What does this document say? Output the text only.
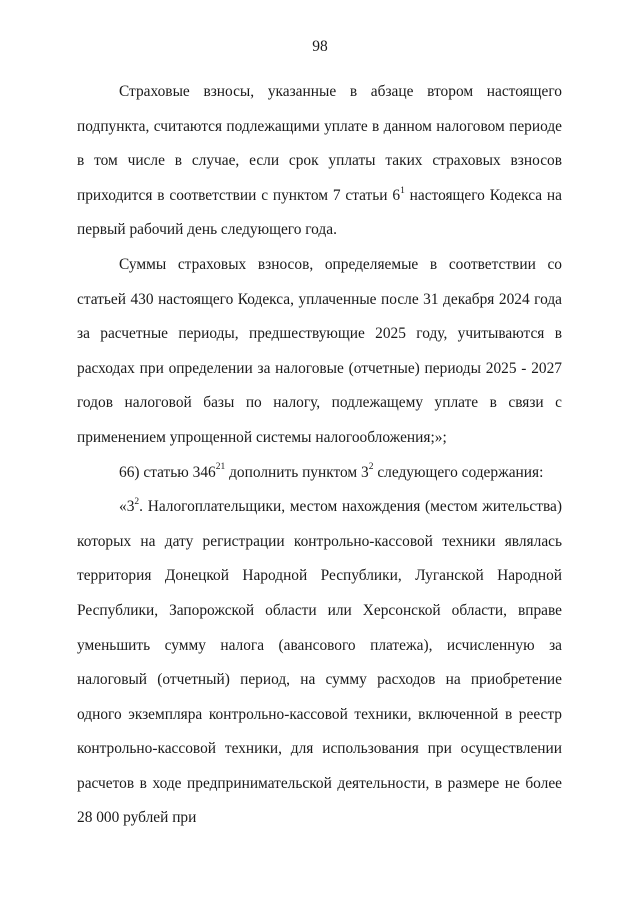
98

Страховые взносы, указанные в абзаце втором настоящего подпункта, считаются подлежащими уплате в данном налоговом периоде в том числе в случае, если срок уплаты таких страховых взносов приходится в соответствии с пунктом 7 статьи $6^1$ настоящего Кодекса на первый рабочий день следующего года.

Суммы страховых взносов, определяемые в соответствии со статьей 430 настоящего Кодекса, уплаченные после 31 декабря 2024 года за расчетные периоды, предшествующие 2025 году, учитываются в расходах при определении за налоговые (отчетные) периоды 2025 - 2027 годов налоговой базы по налогу, подлежащему уплате в связи с применением упрощенной системы налогообложения;»;

66) статью $346^{21}$ дополнить пунктом $3^2$ следующего содержания:

«$3^2$. Налогоплательщики, местом нахождения (местом жительства) которых на дату регистрации контрольно-кассовой техники являлась территория Донецкой Народной Республики, Луганской Народной Республики, Запорожской области или Херсонской области, вправе уменьшить сумму налога (авансового платежа), исчисленную за налоговый (отчетный) период, на сумму расходов на приобретение одного экземпляра контрольно-кассовой техники, включенной в реестр контрольно-кассовой техники, для использования при осуществлении расчетов в ходе предпринимательской деятельности, в размере не более 28 000 рублей при
